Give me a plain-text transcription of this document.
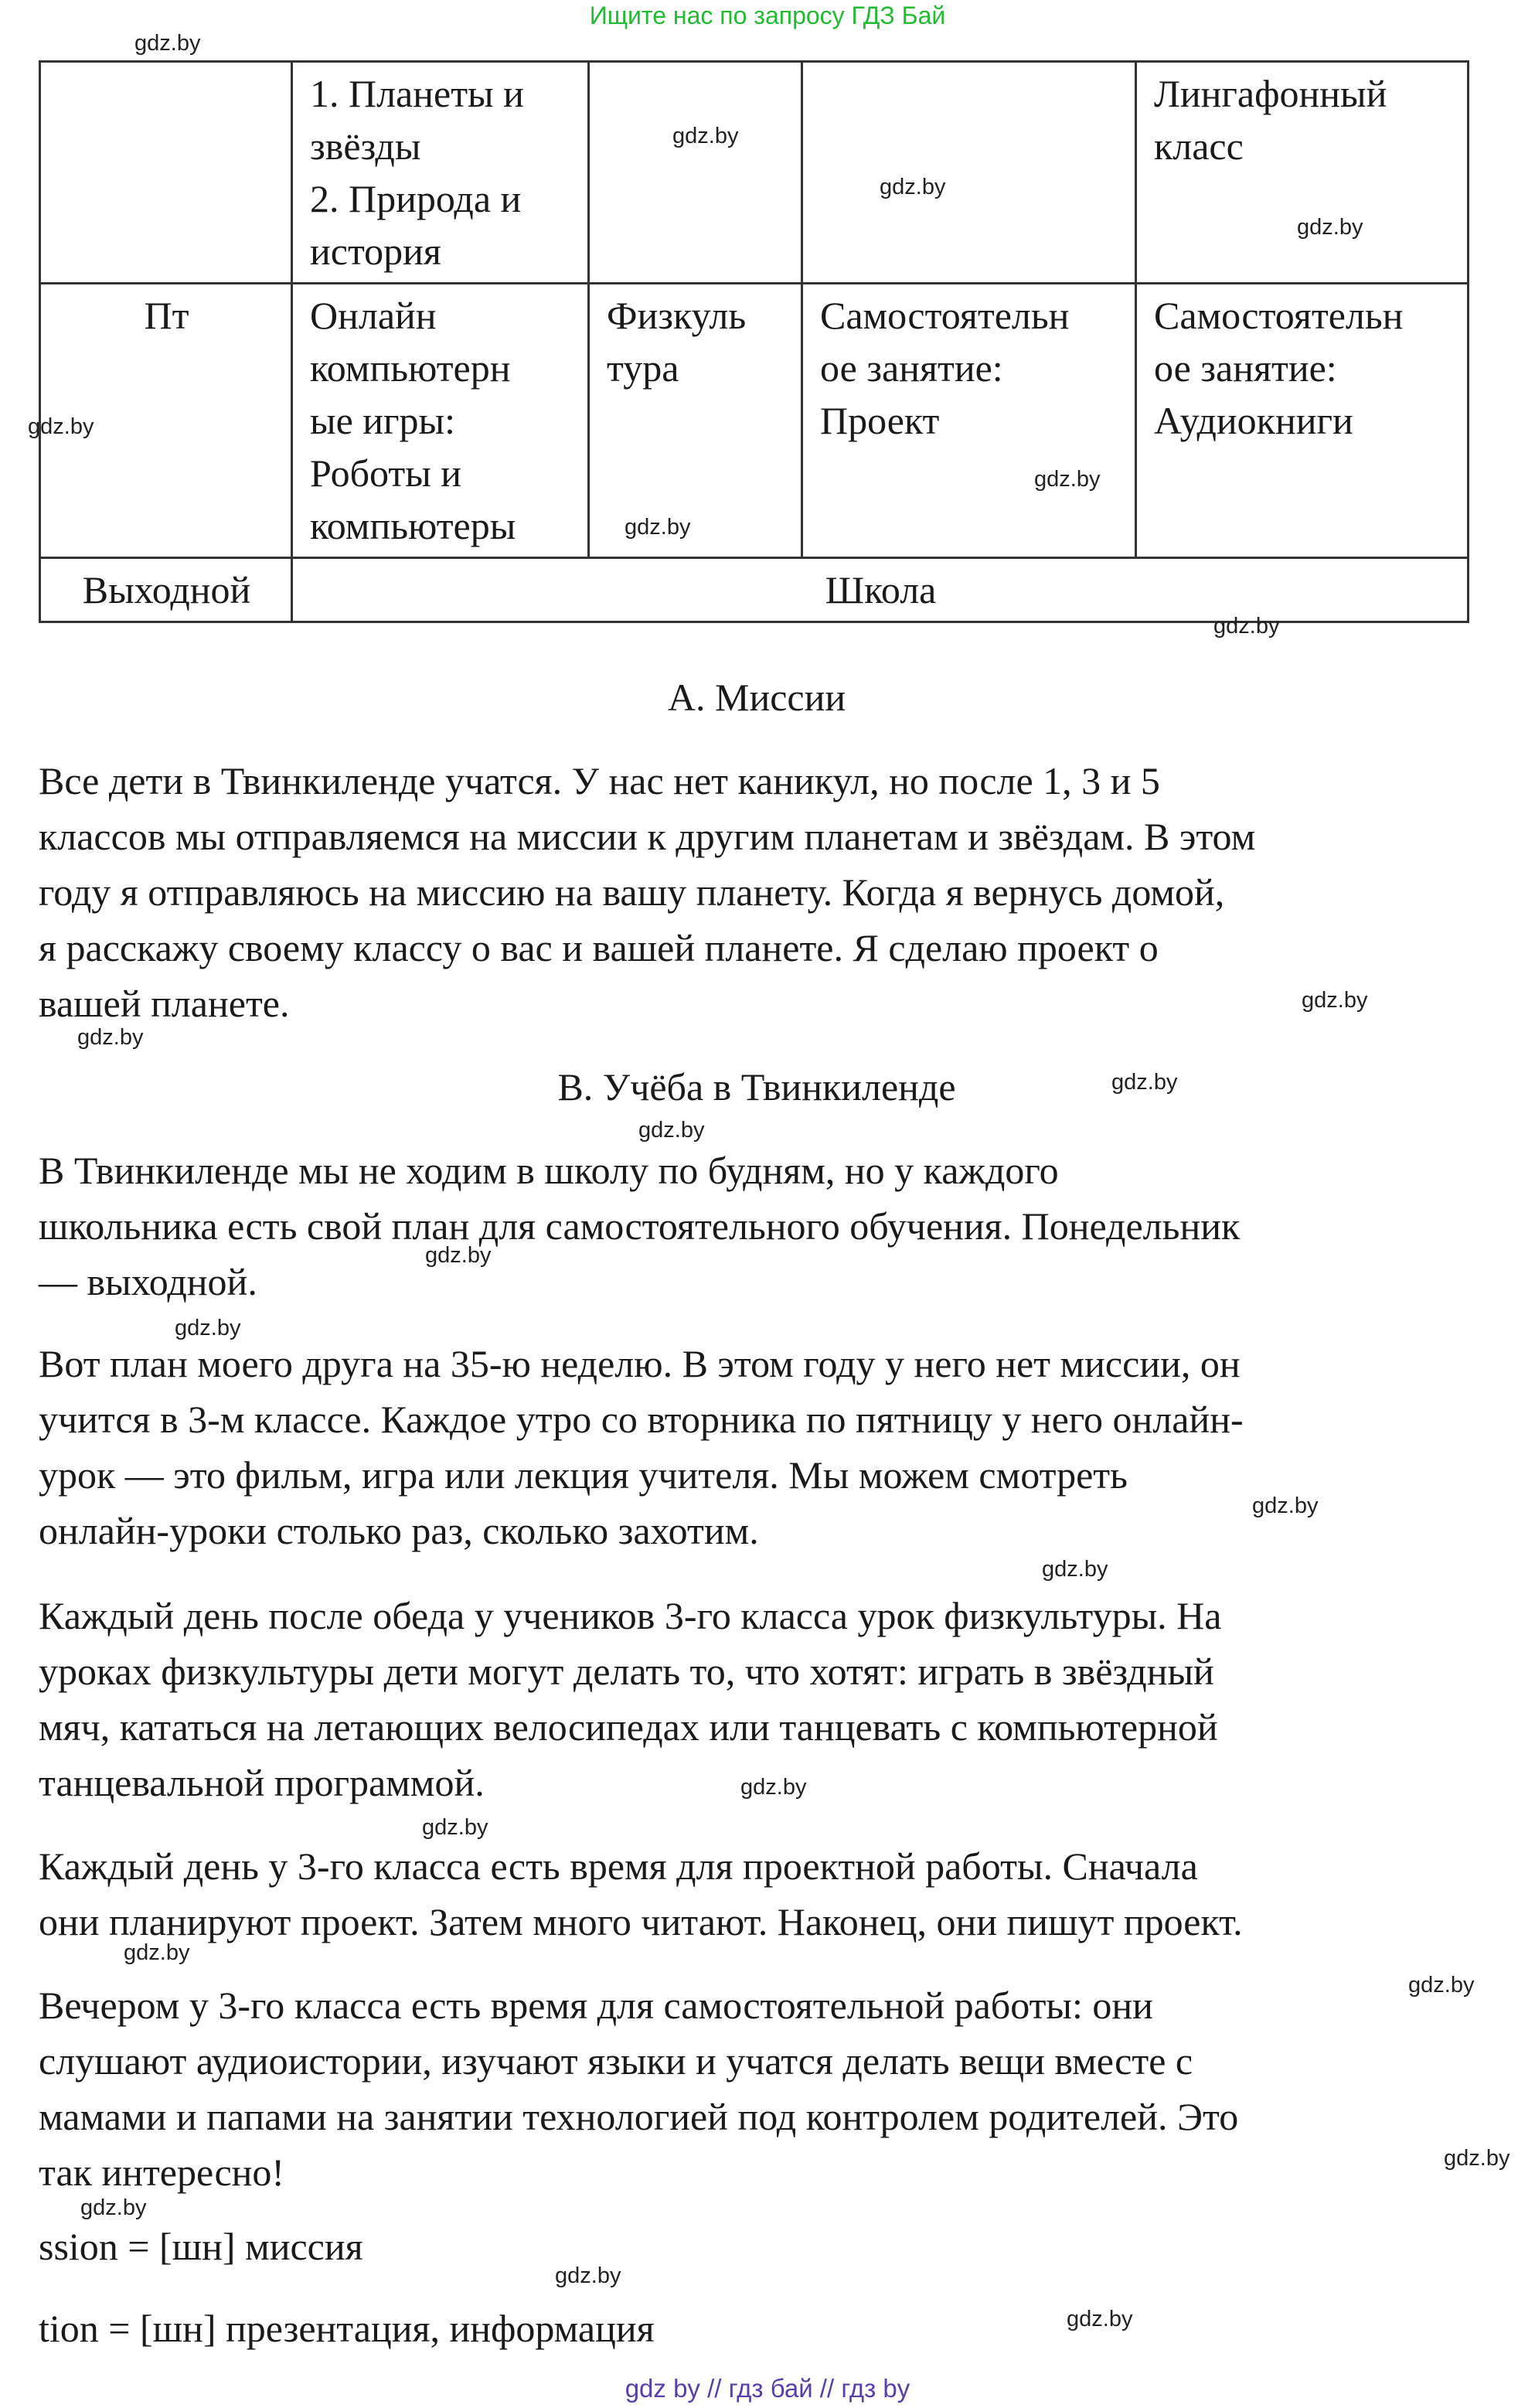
Ищите нас по запросу ГДЗ Бай

	1. Планеты и
звёзды
2. Природа и
история			Лингафонный
класс

Пт	Онлайн
компьютерн
ые игры:
Роботы и
компьютеры	Физкуль
тура	Самостоятельн
ое занятие:
Проект	Самостоятельн
ое занятие:
Аудиокниги

Выходной	Школа			
A. Миссии
Все дети в Твинкиленде учатся. У нас нет каникул, но после 1, 3 и 5
классов мы отправляемся на миссии к другим планетам и звёздам. В этом
году я отправляюсь на миссию на вашу планету. Когда я вернусь домой,
я расскажу своему классу о вас и вашей планете. Я сделаю проект о
вашей планете.
B. Учёба в Твинкиленде
В Твинкиленде мы не ходим в школу по будням, но у каждого
школьника есть свой план для самостоятельного обучения. Понедельник
— выходной.
Вот план моего друга на 35-ю неделю. В этом году у него нет миссии, он
учится в 3-м классе. Каждое утро со вторника по пятницу у него онлайн-
урок — это фильм, игра или лекция учителя. Мы можем смотреть
онлайн-уроки столько раз, сколько захотим.
Каждый день после обеда у учеников 3-го класса урок физкультуры. На
уроках физкультуры дети могут делать то, что хотят: играть в звёздный
мяч, кататься на летающих велосипедах или танцевать с компьютерной
танцевальной программой.
Каждый день у 3-го класса есть время для проектной работы. Сначала
они планируют проект. Затем много читают. Наконец, они пишут проект.
Вечером у 3-го класса есть время для самостоятельной работы: они
слушают аудиоистории, изучают языки и учатся делать вещи вместе с
мамами и папами на занятии технологией под контролем родителей. Это
так интересно!
ssion = [шн] миссия
tion = [шн] презентация, информация
gdz.by
gdz.by
gdz.by
gdz.by
gdz.by
gdz.by
gdz.by
gdz.by
gdz.by
gdz.by
gdz.by
gdz.by
gdz.by
gdz.by
gdz.by
gdz.by
gdz.by
gdz.by
gdz.by
gdz.by
gdz.by
gdz.by
gdz.by
gdz.by
gdz by // гдз бай // гдз by
